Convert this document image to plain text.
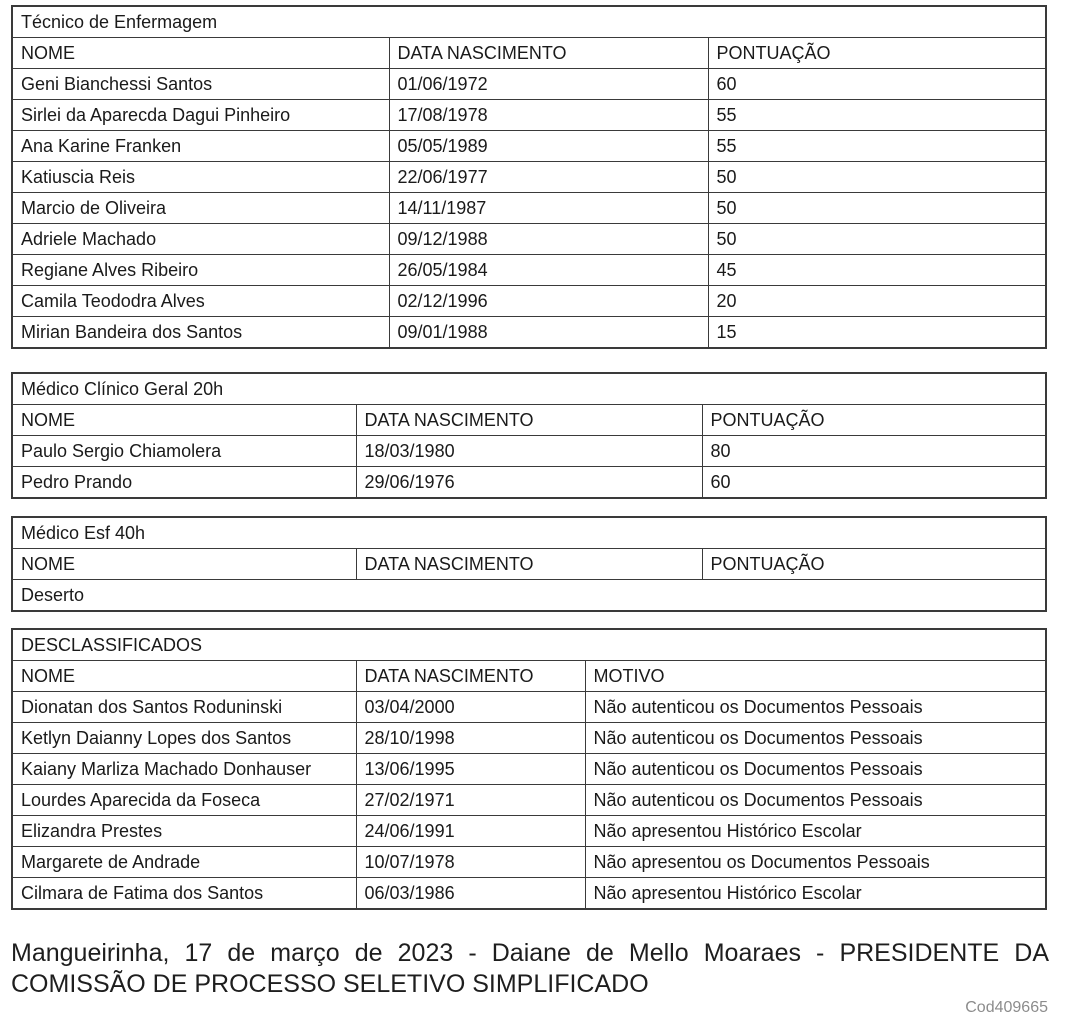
Técnico de Enfermagem		
NOME	DATA NASCIMENTO	PONTUAÇÃO
Geni Bianchessi Santos	01/06/1972	60
Sirlei da Aparecda Dagui Pinheiro	17/08/1978	55
Ana Karine Franken	05/05/1989	55
Katiuscia Reis	22/06/1977	50
Marcio de Oliveira	14/11/1987	50
Adriele Machado	09/12/1988	50
Regiane Alves Ribeiro	26/05/1984	45
Camila Teododra Alves	02/12/1996	20
Mirian Bandeira dos Santos	09/01/1988	15
Médico Clínico Geral 20h		
NOME	DATA NASCIMENTO	PONTUAÇÃO
Paulo Sergio Chiamolera	18/03/1980	80
Pedro Prando	29/06/1976	60
Médico Esf 40h
NOME	DATA NASCIMENTO	PONTUAÇÃO
Deserto
DESCLASSIFICADOS		
NOME	DATA NASCIMENTO	MOTIVO
Dionatan dos Santos Roduninski	03/04/2000	Não autenticou os Documentos Pessoais
Ketlyn Daianny Lopes dos Santos	28/10/1998	Não autenticou os Documentos Pessoais
Kaiany Marliza Machado Donhauser	13/06/1995	Não autenticou os Documentos Pessoais
Lourdes Aparecida da Foseca	27/02/1971	Não autenticou os Documentos Pessoais
Elizandra Prestes	24/06/1991	Não apresentou Histórico Escolar
Margarete de Andrade	10/07/1978	Não apresentou os Documentos Pessoais
Cilmara de Fatima dos Santos	06/03/1986	Não apresentou Histórico Escolar
Mangueirinha, 17 de março de 2023 - Daiane de Mello Moaraes - PRESIDENTE DA COMISSÃO DE PROCESSO SELETIVO SIMPLIFICADO
Cod409665
